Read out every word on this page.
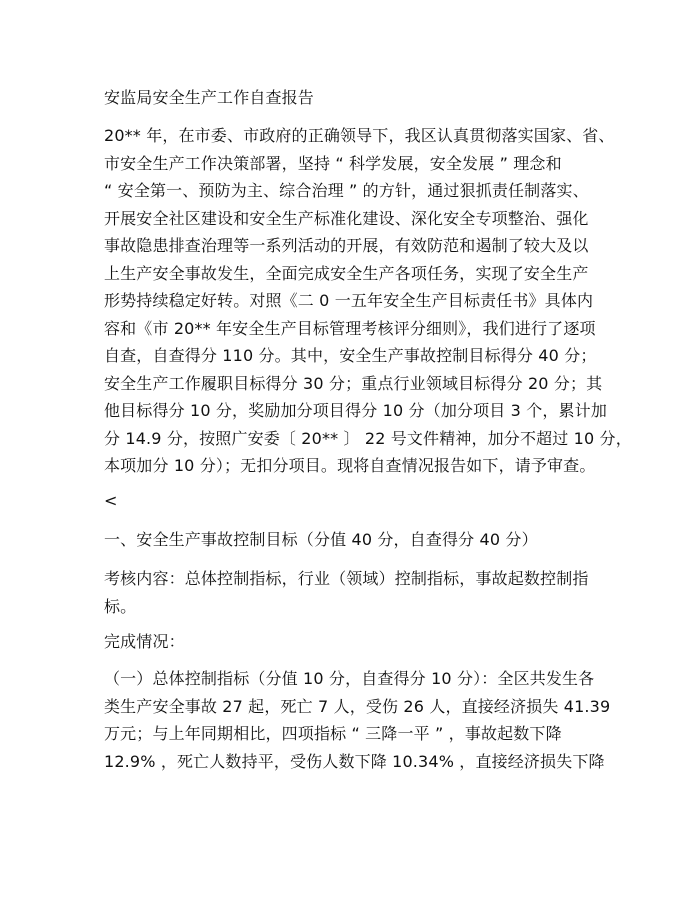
安监局安全生产工作自查报告
20** 年，在市委、市政府的正确领导下，我区认真贯彻落实国家、省、
市安全生产工作决策部署，坚持 “ 科学发展，安全发展 ” 理念和
“ 安全第一、预防为主、综合治理 ” 的方针，通过狠抓责任制落实、
开展安全社区建设和安全生产标准化建设、深化安全专项整治、强化
事故隐患排查治理等一系列活动的开展，有效防范和遏制了较大及以
上生产安全事故发生，全面完成安全生产各项任务，实现了安全生产
形势持续稳定好转。对照《二 0 一五年安全生产目标责任书》具体内
容和《市 20** 年安全生产目标管理考核评分细则》，我们进行了逐项
自查，自查得分 110 分。其中，安全生产事故控制目标得分 40 分；
安全生产工作履职目标得分 30 分；重点行业领域目标得分 20 分；其
他目标得分 10 分，奖励加分项目得分 10 分（加分项目 3 个，累计加
分 14.9 分，按照广安委〔 20** 〕 22 号文件精神，加分不超过 10 分，
本项加分 10 分）；无扣分项目。现将自查情况报告如下，请予审查。
<
一、安全生产事故控制目标（分值 40 分，自查得分 40 分）
考核内容：总体控制指标，行业（领域）控制指标，事故起数控制指
标。
完成情况：
（一）总体控制指标（分值 10 分，自查得分 10 分）：全区共发生各
类生产安全事故 27 起，死亡 7 人，受伤 26 人，直接经济损失 41.39
万元；与上年同期相比，四项指标 “ 三降一平 ” ，事故起数下降
12.9% ，死亡人数持平，受伤人数下降 10.34% ，直接经济损失下降
